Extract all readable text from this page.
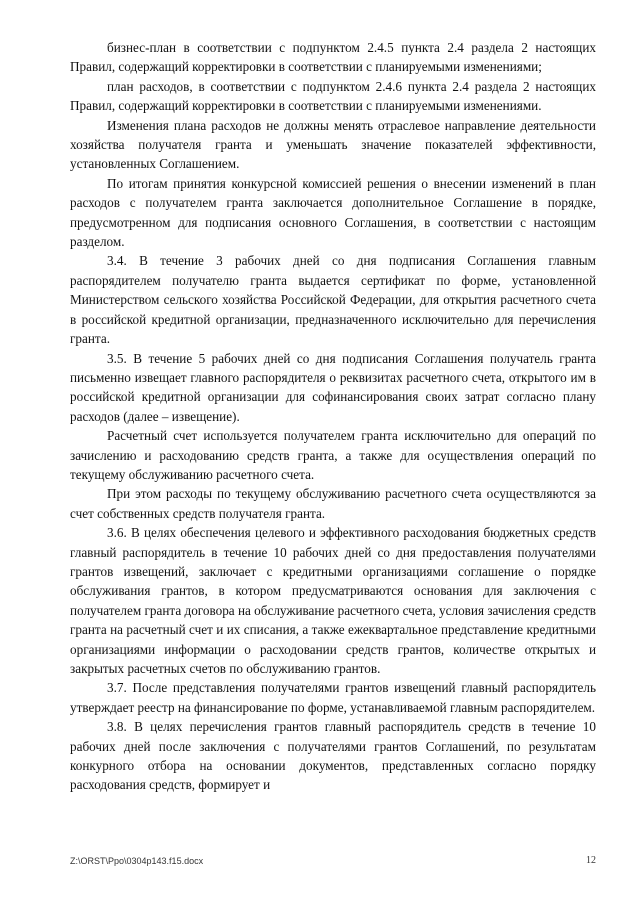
бизнес-план в соответствии с подпунктом 2.4.5 пункта 2.4 раздела 2 настоящих Правил, содержащий корректировки в соответствии с планируемыми изменениями;

план расходов, в соответствии с подпунктом 2.4.6 пункта 2.4 раздела 2 настоящих Правил, содержащий корректировки в соответствии с планируемыми изменениями.

Изменения плана расходов не должны менять отраслевое направление деятельности хозяйства получателя гранта и уменьшать значение показателей эффективности, установленных Соглашением.

По итогам принятия конкурсной комиссией решения о внесении изменений в план расходов с получателем гранта заключается дополнительное Соглашение в порядке, предусмотренном для подписания основного Соглашения, в соответствии с настоящим разделом.

3.4. В течение 3 рабочих дней со дня подписания Соглашения главным распорядителем получателю гранта выдается сертификат по форме, установленной Министерством сельского хозяйства Российской Федерации, для открытия расчетного счета в российской кредитной организации, предназначенного исключительно для перечисления гранта.

3.5. В течение 5 рабочих дней со дня подписания Соглашения получатель гранта письменно извещает главного распорядителя о реквизитах расчетного счета, открытого им в российской кредитной организации для софинансирования своих затрат согласно плану расходов (далее – извещение).

Расчетный счет используется получателем гранта исключительно для операций по зачислению и расходованию средств гранта, а также для осуществления операций по текущему обслуживанию расчетного счета.

При этом расходы по текущему обслуживанию расчетного счета осуществляются за счет собственных средств получателя гранта.

3.6. В целях обеспечения целевого и эффективного расходования бюджетных средств главный распорядитель в течение 10 рабочих дней со дня предоставления получателями грантов извещений, заключает с кредитными организациями соглашение о порядке обслуживания грантов, в котором предусматриваются основания для заключения с получателем гранта договора на обслуживание расчетного счета, условия зачисления средств гранта на расчетный счет и их списания, а также ежеквартальное представление кредитными организациями информации о расходовании средств грантов, количестве открытых и закрытых расчетных счетов по обслуживанию грантов.

3.7. После представления получателями грантов извещений главный распорядитель утверждает реестр на финансирование по форме, устанавливаемой главным распорядителем.

3.8. В целях перечисления грантов главный распорядитель средств в течение 10 рабочих дней после заключения с получателями грантов Соглашений, по результатам конкурного отбора на основании документов, представленных согласно порядку расходования средств, формирует и

Z:\ORST\Ppo\0304p143.f15.docx	12
